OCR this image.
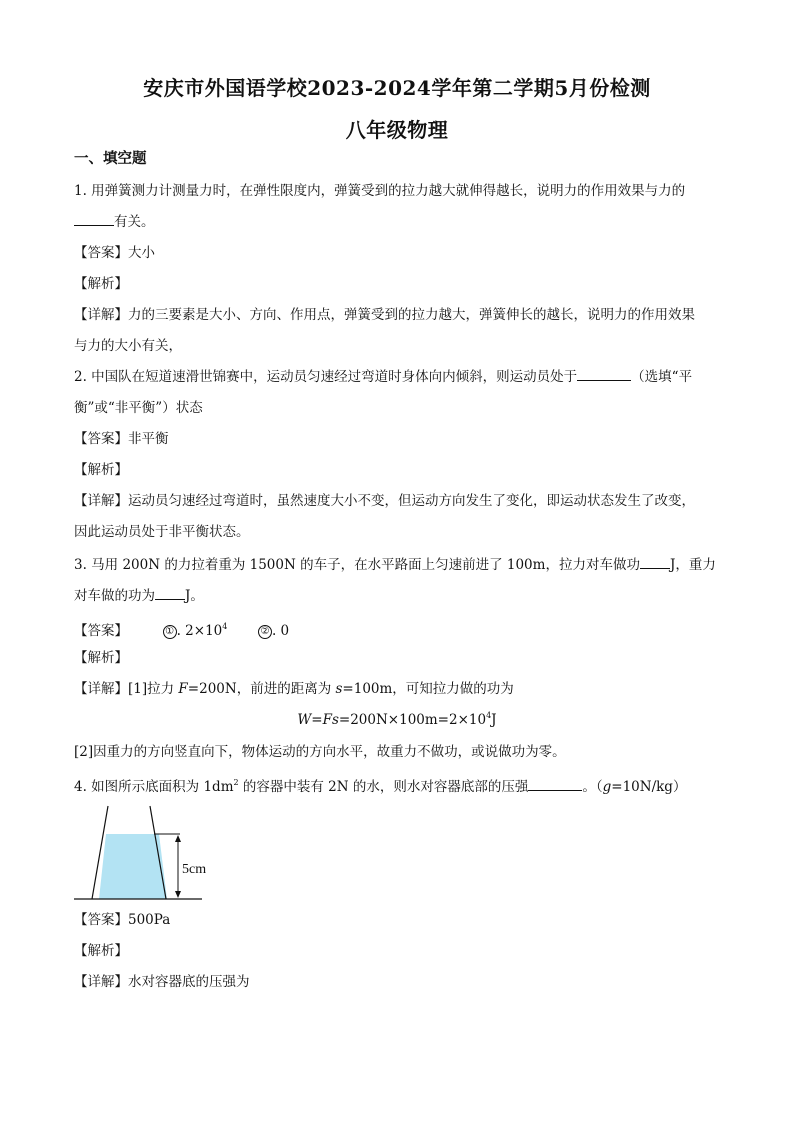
安庆市外国语学校2023-2024学年第二学期5月份检测
八年级物理
一、填空题
1. 用弹簧测力计测量力时，在弹性限度内，弹簧受到的拉力越大就伸得越长，说明力的作用效果与力的
有关。
【答案】大小
【解析】
【详解】力的三要素是大小、方向、作用点，弹簧受到的拉力越大，弹簧伸长的越长，说明力的作用效果
与力的大小有关，
2. 中国队在短道速滑世锦赛中，运动员匀速经过弯道时身体向内倾斜，则运动员处于	（选填“平
衡”或“非平衡”）状态
【答案】非平衡
【解析】
【详解】运动员匀速经过弯道时，虽然速度大小不变，但运动方向发生了变化，即运动状态发生了改变，
因此运动员处于非平衡状态。
3. 马用 200N 的力拉着重为 1500N 的车子，在水平路面上匀速前进了 100m，拉力对车做功 J，重力
对车做的功为 J。
【答案】	① . $2\times 10^4$	② . 0
【解析】
【详解】[1]拉力 F=200N，前进的距离为 s=100m，可知拉力做的功为
$W=Fs=200N\times 100m=2\times 10^4J$
[2]因重力的方向竖直向下，物体运动的方向水平，故重力不做功，或说做功为零。
4. 如图所示底面积为 $1dm^2$ 的容器中装有 2N 的水，则水对容器底部的压强	。（g=10N/kg）
5cm
【答案】500Pa
【解析】
【详解】水对容器底的压强为
